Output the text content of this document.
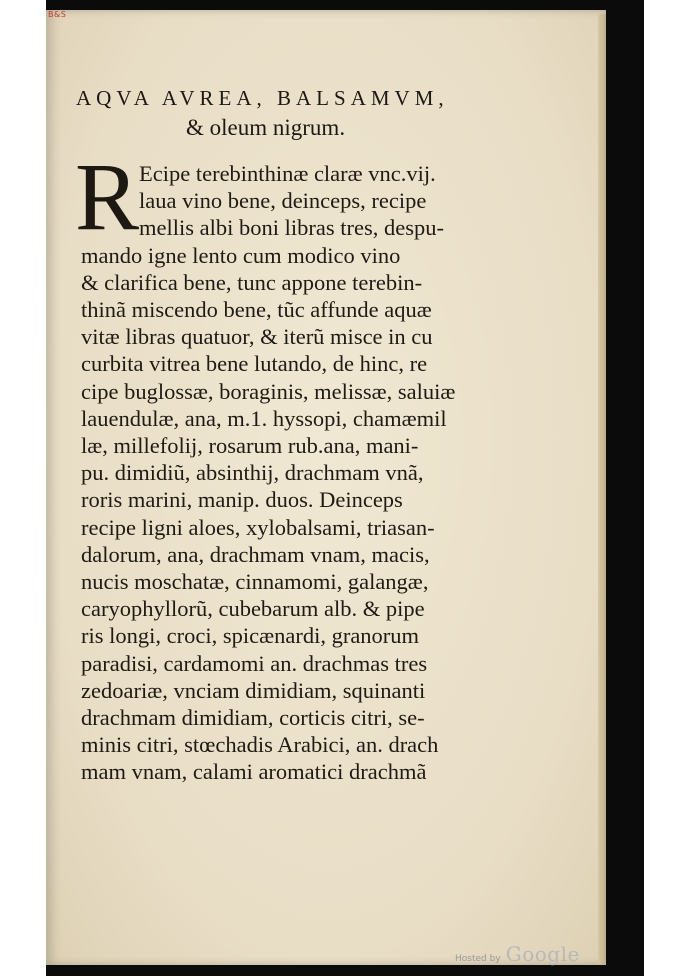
B&S
AQVA AVREA, BALSAMVM,
& oleum nigrum.
R Ecipe terebinthinæ claræ vnc.vij.
laua vino bene, deinceps, recipe
mellis albi boni libras tres, despu-
mando igne lento cum modico vino
& clarifica bene, tunc appone terebin-
thinã miscendo bene, tũc affunde aquæ
vitæ libras quatuor, & iterũ misce in cu
curbita vitrea bene lutando, de hinc, re
cipe buglossæ, boraginis, melissæ, saluiæ
lauendulæ, ana, m.1. hyssopi, chamæmil
læ, millefolij, rosarum rub.ana, mani-
pu. dimidiũ, absinthij, drachmam vnã,
roris marini, manip. duos. Deinceps
recipe ligni aloes, xylobalsami, triasan-
dalorum, ana, drachmam vnam, macis,
nucis moschatæ, cinnamomi, galangæ,
caryophyllorũ, cubebarum alb. & pipe
ris longi, croci, spicænardi, granorum
paradisi, cardamomi an. drachmas tres
zedoariæ, vnciam dimidiam, squinanti
drachmam dimidiam, corticis citri, se-
minis citri, stœchadis Arabici, an. drach
mam vnam, calami aromatici drachmã
Hosted by Google
